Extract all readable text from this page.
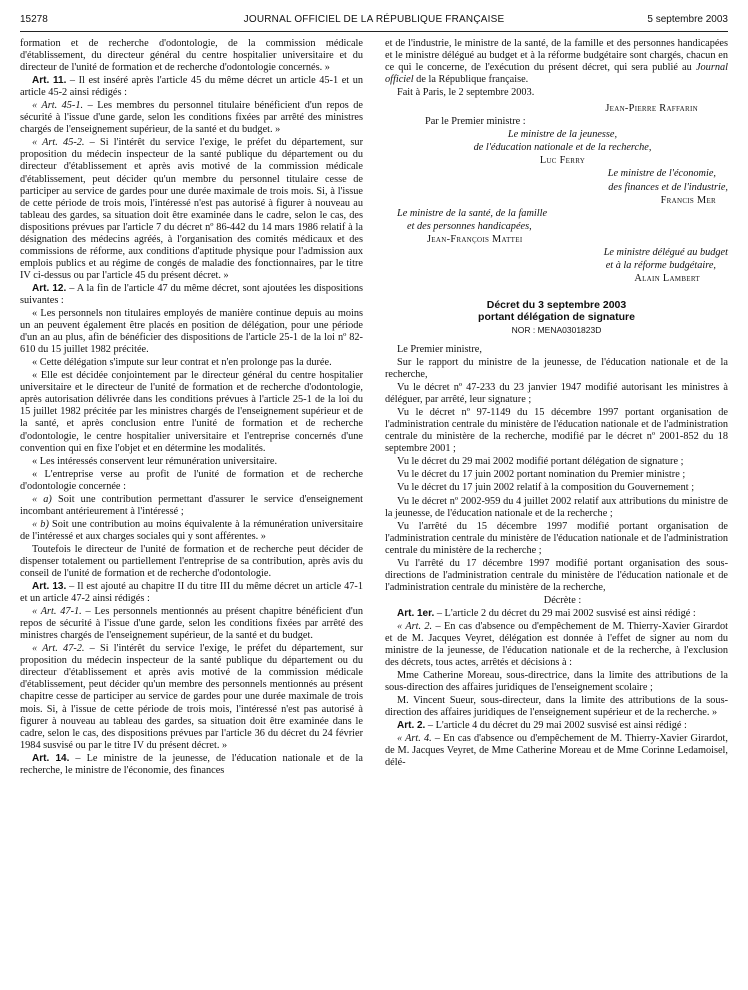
15278	JOURNAL OFFICIEL DE LA RÉPUBLIQUE FRANÇAISE	5 septembre 2003

formation et de recherche d'odontologie, de la commission médicale d'établissement, du directeur général du centre hospitalier universitaire et du directeur de l'unité de formation et de recherche d'odontologie concernés. »

Art. 11. – Il est inséré après l'article 45 du même décret un article 45-1 et un article 45-2 ainsi rédigés :

« Art. 45-1. – Les membres du personnel titulaire bénéficient d'un repos de sécurité à l'issue d'une garde, selon les conditions fixées par arrêté des ministres chargés de l'enseignement supérieur, de la santé et du budget. »

« Art. 45-2. – Si l'intérêt du service l'exige, le préfet du département, sur proposition du médecin inspecteur de la santé publique du département ou du directeur d'établissement et après avis motivé de la commission médicale d'établissement, peut décider qu'un membre du personnel titulaire cesse de participer au service de gardes pour une durée maximale de trois mois. Si, à l'issue de cette période de trois mois, l'intéressé n'est pas autorisé à figurer à nouveau au tableau des gardes, sa situation doit être examinée dans le cadre, selon le cas, des dispositions prévues par l'article 7 du décret nº 86-442 du 14 mars 1986 relatif à la désignation des médecins agréés, à l'organisation des comités médicaux et des commissions de réforme, aux conditions d'aptitude physique pour l'admission aux emplois publics et au régime de congés de maladie des fonctionnaires, par le titre IV ci-dessus ou par l'article 45 du présent décret. »

Art. 12. – A la fin de l'article 47 du même décret, sont ajoutées les dispositions suivantes :

« Les personnels non titulaires employés de manière continue depuis au moins un an peuvent également être placés en position de délégation, pour une période d'un an au plus, afin de bénéficier des dispositions de l'article 25-1 de la loi nº 82-610 du 15 juillet 1982 précitée.

« Cette délégation s'impute sur leur contrat et n'en prolonge pas la durée.

« Elle est décidée conjointement par le directeur général du centre hospitalier universitaire et le directeur de l'unité de formation et de recherche d'odontologie, après autorisation délivrée dans les conditions prévues à l'article 25-1 de la loi du 15 juillet 1982 précitée par les ministres chargés de l'enseignement supérieur et de la santé, et après conclusion entre l'unité de formation et de recherche d'odontologie, le centre hospitalier universitaire et l'entreprise concernés d'une convention qui en fixe l'objet et en détermine les modalités.

« Les intéressés conservent leur rémunération universitaire.

« L'entreprise verse au profit de l'unité de formation et de recherche d'odontologie concernée :

« a) Soit une contribution permettant d'assurer le service d'enseignement incombant antérieurement à l'intéressé ;

« b) Soit une contribution au moins équivalente à la rémunération universitaire de l'intéressé et aux charges sociales qui y sont afférentes. »

Toutefois le directeur de l'unité de formation et de recherche peut décider de dispenser totalement ou partiellement l'entreprise de sa contribution, après avis du conseil de l'unité de formation et de recherche d'odontologie.

Art. 13. – Il est ajouté au chapitre II du titre III du même décret un article 47-1 et un article 47-2 ainsi rédigés :

« Art. 47-1. – Les personnels mentionnés au présent chapitre bénéficient d'un repos de sécurité à l'issue d'une garde, selon les conditions fixées par arrêté des ministres chargés de l'enseignement supérieur, de la santé et du budget.

« Art. 47-2. – Si l'intérêt du service l'exige, le préfet du département, sur proposition du médecin inspecteur de la santé publique du département ou du directeur d'établissement et après avis motivé de la commission médicale d'établissement, peut décider qu'un membre des personnels mentionnés au présent chapitre cesse de participer au service de gardes pour une durée maximale de trois mois. Si, à l'issue de cette période de trois mois, l'intéressé n'est pas autorisé à figurer à nouveau au tableau des gardes, sa situation doit être examinée dans le cadre, selon le cas, des dispositions prévues par l'article 36 du décret du 24 février 1984 susvisé ou par le titre IV du présent décret. »

Art. 14. – Le ministre de la jeunesse, de l'éducation nationale et de la recherche, le ministre de l'économie, des finances

et de l'industrie, le ministre de la santé, de la famille et des personnes handicapées et le ministre délégué au budget et à la réforme budgétaire sont chargés, chacun en ce qui le concerne, de l'exécution du présent décret, qui sera publié au Journal officiel de la République française.

Fait à Paris, le 2 septembre 2003.

Jean-Pierre Raffarin

Par le Premier ministre :

Le ministre de la jeunesse,

de l'éducation nationale et de la recherche,

Luc Ferry

Le ministre de l'économie,

des finances et de l'industrie,

Francis Mer

Le ministre de la santé, de la famille

et des personnes handicapées,

Jean-François Mattei

Le ministre délégué au budget

et à la réforme budgétaire,

Alain Lambert

Décret du 3 septembre 2003
portant délégation de signature
NOR : MENA0301823D

Le Premier ministre,

Sur le rapport du ministre de la jeunesse, de l'éducation nationale et de la recherche,

Vu le décret nº 47-233 du 23 janvier 1947 modifié autorisant les ministres à déléguer, par arrêté, leur signature ;

Vu le décret nº 97-1149 du 15 décembre 1997 portant organisation de l'administration centrale du ministère de l'éducation nationale et de l'administration centrale du ministère de la recherche, modifié par le décret nº 2001-852 du 18 septembre 2001 ;

Vu le décret du 29 mai 2002 modifié portant délégation de signature ;

Vu le décret du 17 juin 2002 portant nomination du Premier ministre ;

Vu le décret du 17 juin 2002 relatif à la composition du Gouvernement ;

Vu le décret nº 2002-959 du 4 juillet 2002 relatif aux attributions du ministre de la jeunesse, de l'éducation nationale et de la recherche ;

Vu l'arrêté du 15 décembre 1997 modifié portant organisation de l'administration centrale du ministère de l'éducation nationale et de l'administration centrale du ministère de la recherche ;

Vu l'arrêté du 17 décembre 1997 modifié portant organisation des sous-directions de l'administration centrale du ministère de l'éducation nationale et de l'administration centrale du ministère de la recherche,

Décrète :

Art. 1er. – L'article 2 du décret du 29 mai 2002 susvisé est ainsi rédigé :

« Art. 2. – En cas d'absence ou d'empêchement de M. Thierry-Xavier Girardot et de M. Jacques Veyret, délégation est donnée à l'effet de signer au nom du ministre de la jeunesse, de l'éducation nationale et de la recherche, à l'exclusion des décrets, tous actes, arrêtés et décisions à :

Mme Catherine Moreau, sous-directrice, dans la limite des attributions de la sous-direction des affaires juridiques de l'enseignement scolaire ;

M. Vincent Sueur, sous-directeur, dans la limite des attributions de la sous-direction des affaires juridiques de l'enseignement supérieur et de la recherche. »

Art. 2. – L'article 4 du décret du 29 mai 2002 susvisé est ainsi rédigé :

« Art. 4. – En cas d'absence ou d'empêchement de M. Thierry-Xavier Girardot, de M. Jacques Veyret, de Mme Catherine Moreau et de Mme Corinne Ledamoisel, délé-
